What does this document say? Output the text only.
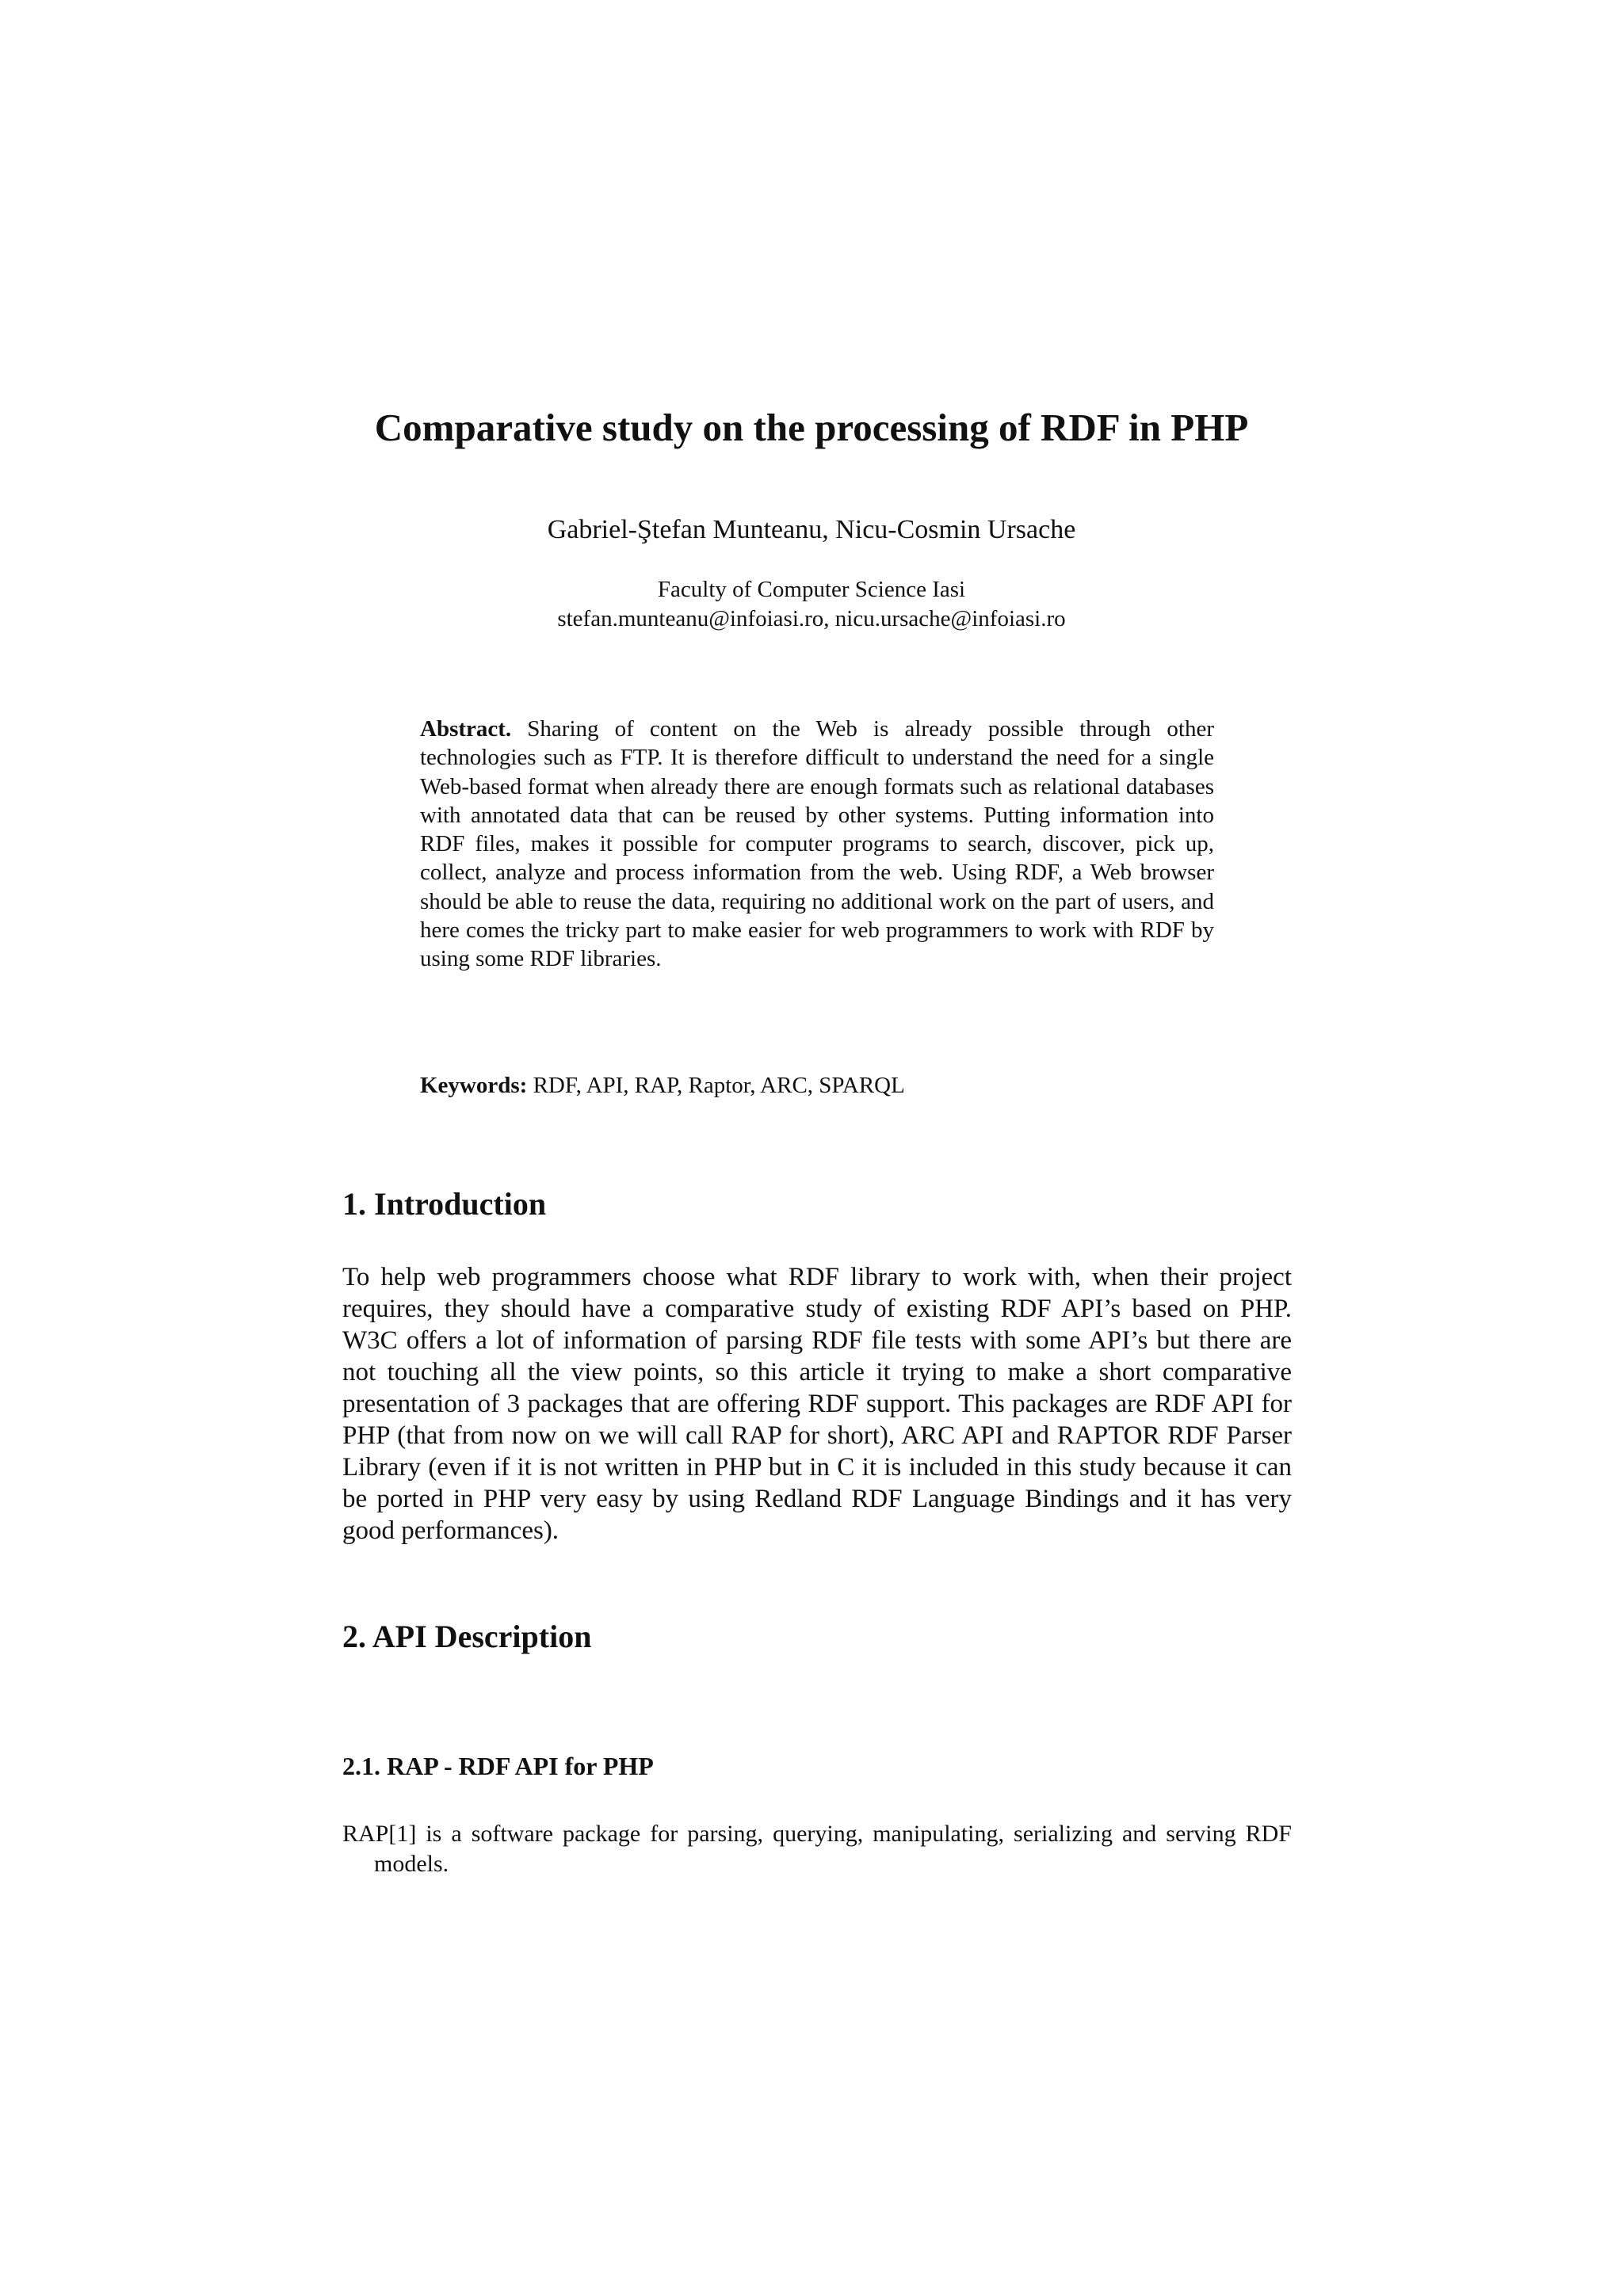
Comparative study on the processing of RDF in PHP
Gabriel-Ştefan Munteanu, Nicu-Cosmin Ursache
Faculty of Computer Science Iasi
stefan.munteanu@infoiasi.ro, nicu.ursache@infoiasi.ro

Abstract. Sharing of content on the Web is already possible through other technologies such as FTP. It is therefore difficult to understand the need for a single Web-based format when already there are enough formats such as relational databases with annotated data that can be reused by other systems. Putting information into RDF files, makes it possible for computer programs to search, discover, pick up, collect, analyze and process information from the web. Using RDF, a Web browser should be able to reuse the data, requiring no additional work on the part of users, and here comes the tricky part to make easier for web programmers to work with RDF by using some RDF libraries.

Keywords: RDF, API, RAP, Raptor, ARC, SPARQL
1. Introduction

To help web programmers choose what RDF library to work with, when their project requires, they should have a comparative study of existing RDF API’s based on PHP. W3C offers a lot of information of parsing RDF file tests with some API’s but there are not touching all the view points, so this article it trying to make a short comparative presentation of 3 packages that are offering RDF support. This packages are RDF API for PHP (that from now on we will call RAP for short), ARC API and RAPTOR RDF Parser Library (even if it is not written in PHP but in C it is included in this study because it can be ported in PHP very easy by using Redland RDF Language Bindings and it has very good performances).

2. API Description
2.1. RAP - RDF API for PHP

RAP[1] is a software package for parsing, querying, manipulating, serializing and serving RDF models.
